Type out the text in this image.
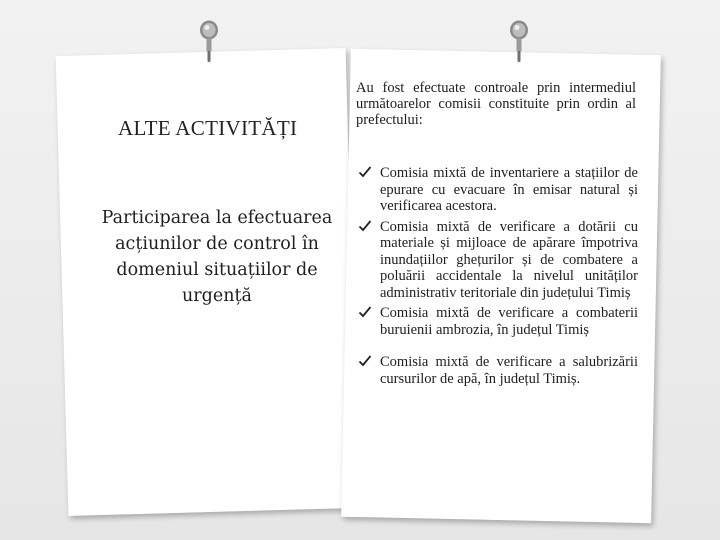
ALTE ACTIVITĂȚI
Participarea la efectuarea acțiunilor de control în domeniul situațiilor de urgență
Au fost efectuate controale prin intermediul următoarelor comisii constituite prin ordin al prefectului:
Comisia mixtă de inventariere a stațiilor de epurare cu evacuare în emisar natural și verificarea acestora.
Comisia mixtă de verificare a dotării cu materiale și mijloace de apărare împotriva inundațiilor ghețurilor și de combatere a poluării accidentale la nivelul unităților administrativ teritoriale din județului Timiș
Comisia mixtă de verificare a combaterii buruienii ambrozia, în județul Timiș
Comisia mixtă de verificare a salubrizării cursurilor de apă, în județul Timiș.
